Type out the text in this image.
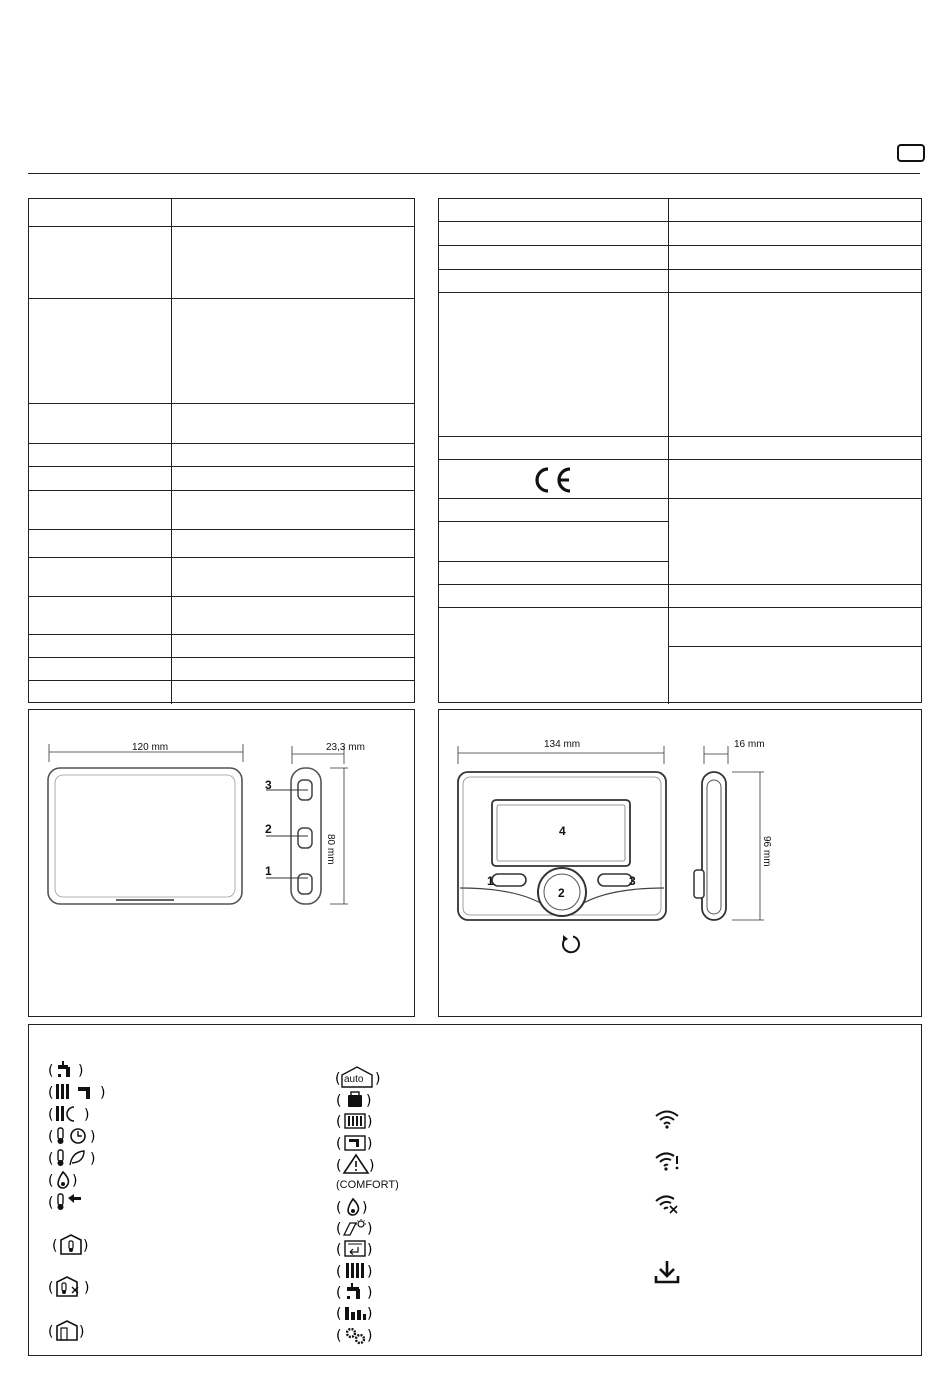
120 mm	23,3 mm
80 mm
3
2
1
134 mm
4
2
1	3
16 mm
96 mm
( )
(	)
( )
(	)
(	)
( )
(
( )
( )
( )
( )
auto
( )
( )
( )
( )
(COMFORT)
( )
( )
( )
( )
( )
( )
( )
